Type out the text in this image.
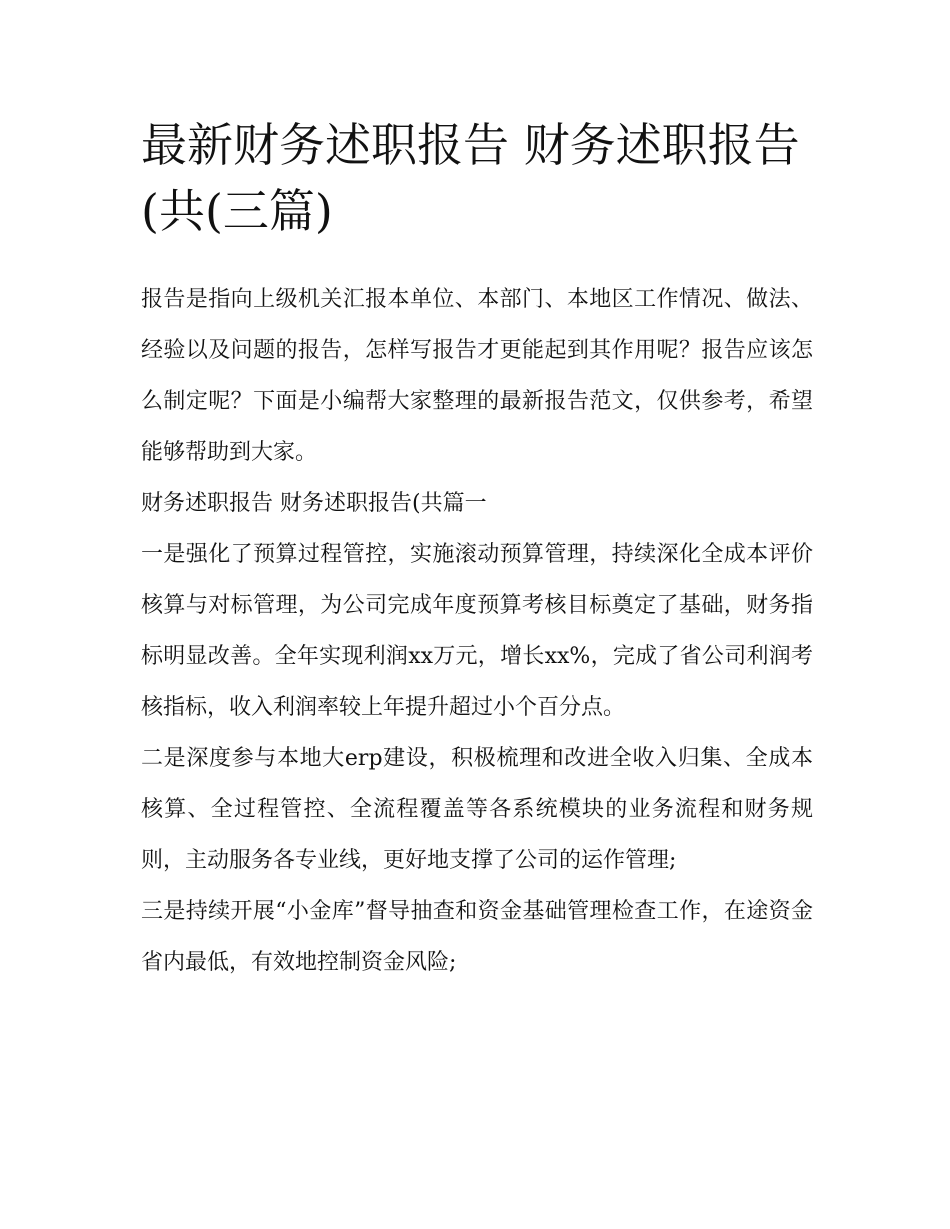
最新财务述职报告 财务述职报告(共(三篇)

报告是指向上级机关汇报本单位、本部门、本地区工作情况、做法、经验以及问题的报告，怎样写报告才更能起到其作用呢？报告应该怎么制定呢？下面是小编帮大家整理的最新报告范文，仅供参考，希望能够帮助到大家。

财务述职报告 财务述职报告(共篇一

一是强化了预算过程管控，实施滚动预算管理，持续深化全成本评价核算与对标管理，为公司完成年度预算考核目标奠定了基础，财务指标明显改善。全年实现利润xx万元，增长xx%，完成了省公司利润考核指标，收入利润率较上年提升超过小个百分点。

二是深度参与本地大erp建设，积极梳理和改进全收入归集、全成本核算、全过程管控、全流程覆盖等各系统模块的业务流程和财务规则，主动服务各专业线，更好地支撑了公司的运作管理;

三是持续开展“小金库”督导抽查和资金基础管理检查工作，在途资金省内最低，有效地控制资金风险;
